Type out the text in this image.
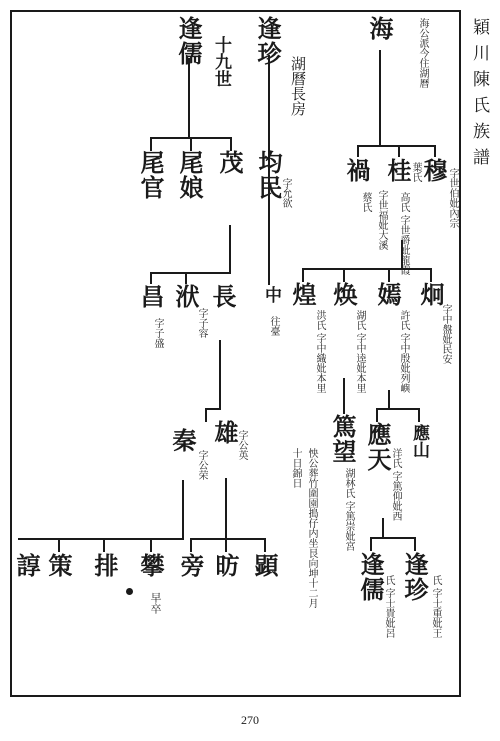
穎川陳氏族譜
海 海公派今住湖曆
逢儒 十九世 逢珍
湖曆長房
穆 字世伯妣內宗
桂
葉氏
高氏 字世爵妣龍霞
禍
蔡氏 字世福妣大溪
均民
字允欲
茂
尾娘
尾官
炯
字中盤妣民安
嫣
許氏 字中殷妣列嶼
焕
湖氏 字中逵妣本里
煌
洪氏 字中織妣本里
中
往臺
長
洑
字子容
昌
字子盛
應山
應天
洋氏 字篤仰妣西
篤望
湖林氏 字篤崇妣宮
怏公葬竹圍園搗仔内坐艮向坤十二月
十日錦日
雄
字公英
秦
字公荣
逢珍 氏 字士重妣王
逢儒
氏 字士貴妣呂
顕
昉
旁
攀
早卒
排
策
諄
270
